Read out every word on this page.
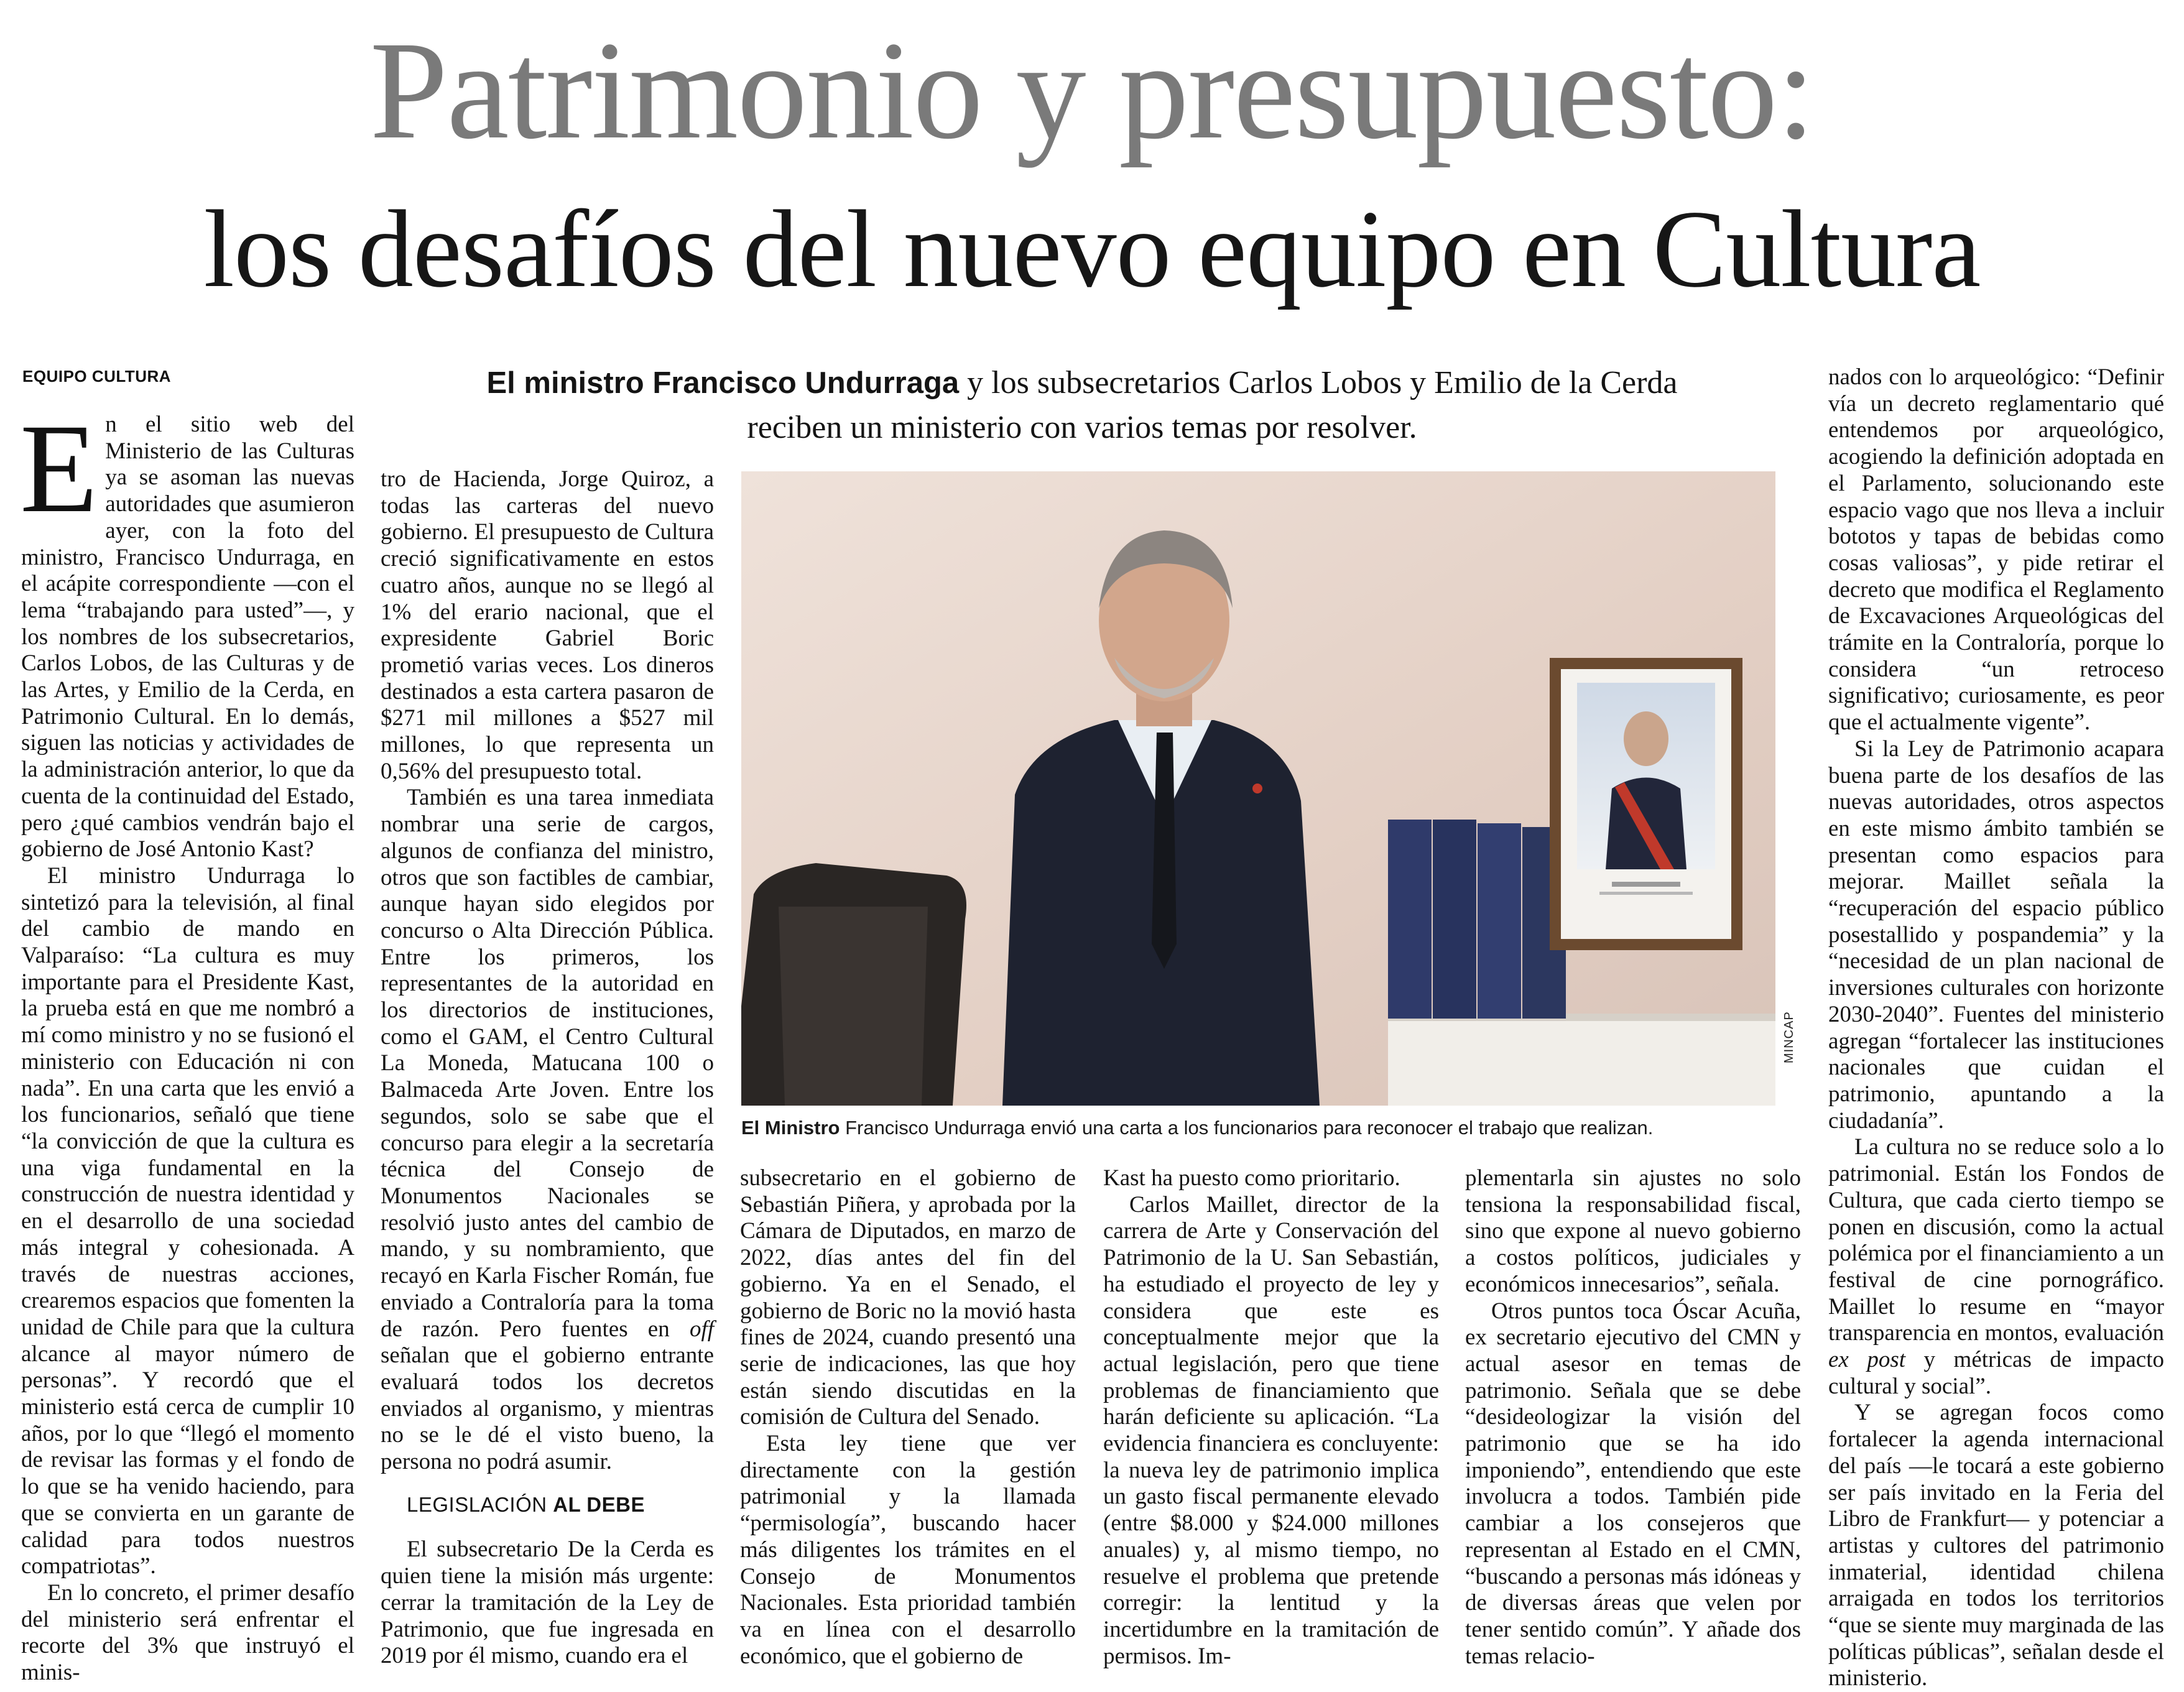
Patrimonio y presupuesto:
los desafíos del nuevo equipo en Cultura
EQUIPO CULTURA	El ministro Francisco Undurraga y los subsecretarios Carlos Lobos y Emilio de la Cerda
reciben un ministerio con varios temas por resolver.
MINCAP
El Ministro Francisco Undurraga envió una carta a los funcionarios para reconocer el trabajo que realizan.

En el sitio web del Ministerio de las Culturas ya se asoman las nuevas autoridades que asumieron ayer, con la foto del ministro, Francisco Undurraga, en el acápite correspondiente —con el lema “trabajando para usted”—, y los nombres de los subsecretarios, Carlos Lobos, de las Culturas y de las Artes, y Emilio de la Cerda, en Patrimonio Cultural. En lo demás, siguen las noticias y actividades de la administración anterior, lo que da cuenta de la continuidad del Estado, pero ¿qué cambios vendrán bajo el gobierno de José Antonio Kast?

El ministro Undurraga lo sintetizó para la televisión, al final del cambio de mando en Valparaíso: “La cultura es muy importante para el Presidente Kast, la prueba está en que me nombró a mí como ministro y no se fusionó el ministerio con Educación ni con nada”. En una carta que les envió a los funcionarios, señaló que tiene “la convicción de que la cultura es una viga fundamental en la construcción de nuestra identidad y en el desarrollo de una sociedad más integral y cohesionada. A través de nuestras acciones, crearemos espacios que fomenten la unidad de Chile para que la cultura alcance al mayor número de personas”. Y recordó que el ministerio está cerca de cumplir 10 años, por lo que “llegó el momento de revisar las formas y el fondo de lo que se ha venido haciendo, para que se convierta en un garante de calidad para todos nuestros compatriotas”.

En lo concreto, el primer desafío del ministerio será enfrentar el recorte del 3% que instruyó el minis-

tro de Hacienda, Jorge Quiroz, a todas las carteras del nuevo gobierno. El presupuesto de Cultura creció significativamente en estos cuatro años, aunque no se llegó al 1% del erario nacional, que el expresidente Gabriel Boric prometió varias veces. Los dineros destinados a esta cartera pasaron de $271 mil millones a $527 mil millones, lo que representa un 0,56% del presupuesto total.

También es una tarea inmediata nombrar una serie de cargos, algunos de confianza del ministro, otros que son factibles de cambiar, aunque hayan sido elegidos por concurso o Alta Dirección Pública. Entre los primeros, los representantes de la autoridad en los directorios de instituciones, como el GAM, el Centro Cultural La Moneda, Matucana 100 o Balmaceda Arte Joven. Entre los segundos, solo se sabe que el concurso para elegir a la secretaría técnica del Consejo de Monumentos Nacionales se resolvió justo antes del cambio de mando, y su nombramiento, que recayó en Karla Fischer Román, fue enviado a Contraloría para la toma de razón. Pero fuentes en off señalan que el gobierno entrante evaluará todos los decretos enviados al organismo, y mientras no se le dé el visto bueno, la persona no podrá asumir.

LEGISLACIÓN AL DEBE

El subsecretario De la Cerda es quien tiene la misión más urgente: cerrar la tramitación de la Ley de Patrimonio, que fue ingresada en 2019 por él mismo, cuando era el

subsecretario en el gobierno de Sebastián Piñera, y aprobada por la Cámara de Diputados, en marzo de 2022, días antes del fin del gobierno. Ya en el Senado, el gobierno de Boric no la movió hasta fines de 2024, cuando presentó una serie de indicaciones, las que hoy están siendo discutidas en la comisión de Cultura del Senado.

Esta ley tiene que ver directamente con la gestión patrimonial y la llamada “permisología”, buscando hacer más diligentes los trámites en el Consejo de Monumentos Nacionales. Esta prioridad también va en línea con el desarrollo económico, que el gobierno de

Kast ha puesto como prioritario.

Carlos Maillet, director de la carrera de Arte y Conservación del Patrimonio de la U. San Sebastián, ha estudiado el proyecto de ley y considera que este es conceptualmente mejor que la actual legislación, pero que tiene problemas de financiamiento que harán deficiente su aplicación. “La evidencia financiera es concluyente: la nueva ley de patrimonio implica un gasto fiscal permanente elevado (entre $8.000 y $24.000 millones anuales) y, al mismo tiempo, no resuelve el problema que pretende corregir: la lentitud y la incertidumbre en la tramitación de permisos. Im-

plementarla sin ajustes no solo tensiona la responsabilidad fiscal, sino que expone al nuevo gobierno a costos políticos, judiciales y económicos innecesarios”, señala.

Otros puntos toca Óscar Acuña, ex secretario ejecutivo del CMN y actual asesor en temas de patrimonio. Señala que se debe “desideologizar la visión del patrimonio que se ha ido imponiendo”, entendiendo que este involucra a todos. También pide cambiar a los consejeros que representan al Estado en el CMN, “buscando a personas más idóneas y de diversas áreas que velen por tener sentido común”. Y añade dos temas relacio-

nados con lo arqueológico: “Definir vía un decreto reglamentario qué entendemos por arqueológico, acogiendo la definición adoptada en el Parlamento, solucionando este espacio vago que nos lleva a incluir bototos y tapas de bebidas como cosas valiosas”, y pide retirar el decreto que modifica el Reglamento de Excavaciones Arqueológicas del trámite en la Contraloría, porque lo considera “un retroceso significativo; curiosamente, es peor que el actualmente vigente”.

Si la Ley de Patrimonio acapara buena parte de los desafíos de las nuevas autoridades, otros aspectos en este mismo ámbito también se presentan como espacios para mejorar. Maillet señala la “recuperación del espacio público posestallido y pospandemia” y la “necesidad de un plan nacional de inversiones culturales con horizonte 2030-2040”. Fuentes del ministerio agregan “fortalecer las instituciones nacionales que cuidan el patrimonio, apuntando a la ciudadanía”.

La cultura no se reduce solo a lo patrimonial. Están los Fondos de Cultura, que cada cierto tiempo se ponen en discusión, como la actual polémica por el financiamiento a un festival de cine pornográfico. Maillet lo resume en “mayor transparencia en montos, evaluación ex post y métricas de impacto cultural y social”.

Y se agregan focos como fortalecer la agenda internacional del país —le tocará a este gobierno ser país invitado en la Feria del Libro de Frankfurt— y potenciar a artistas y cultores del patrimonio inmaterial, identidad chilena arraigada en todos los territorios “que se siente muy marginada de las políticas públicas”, señalan desde el ministerio.
